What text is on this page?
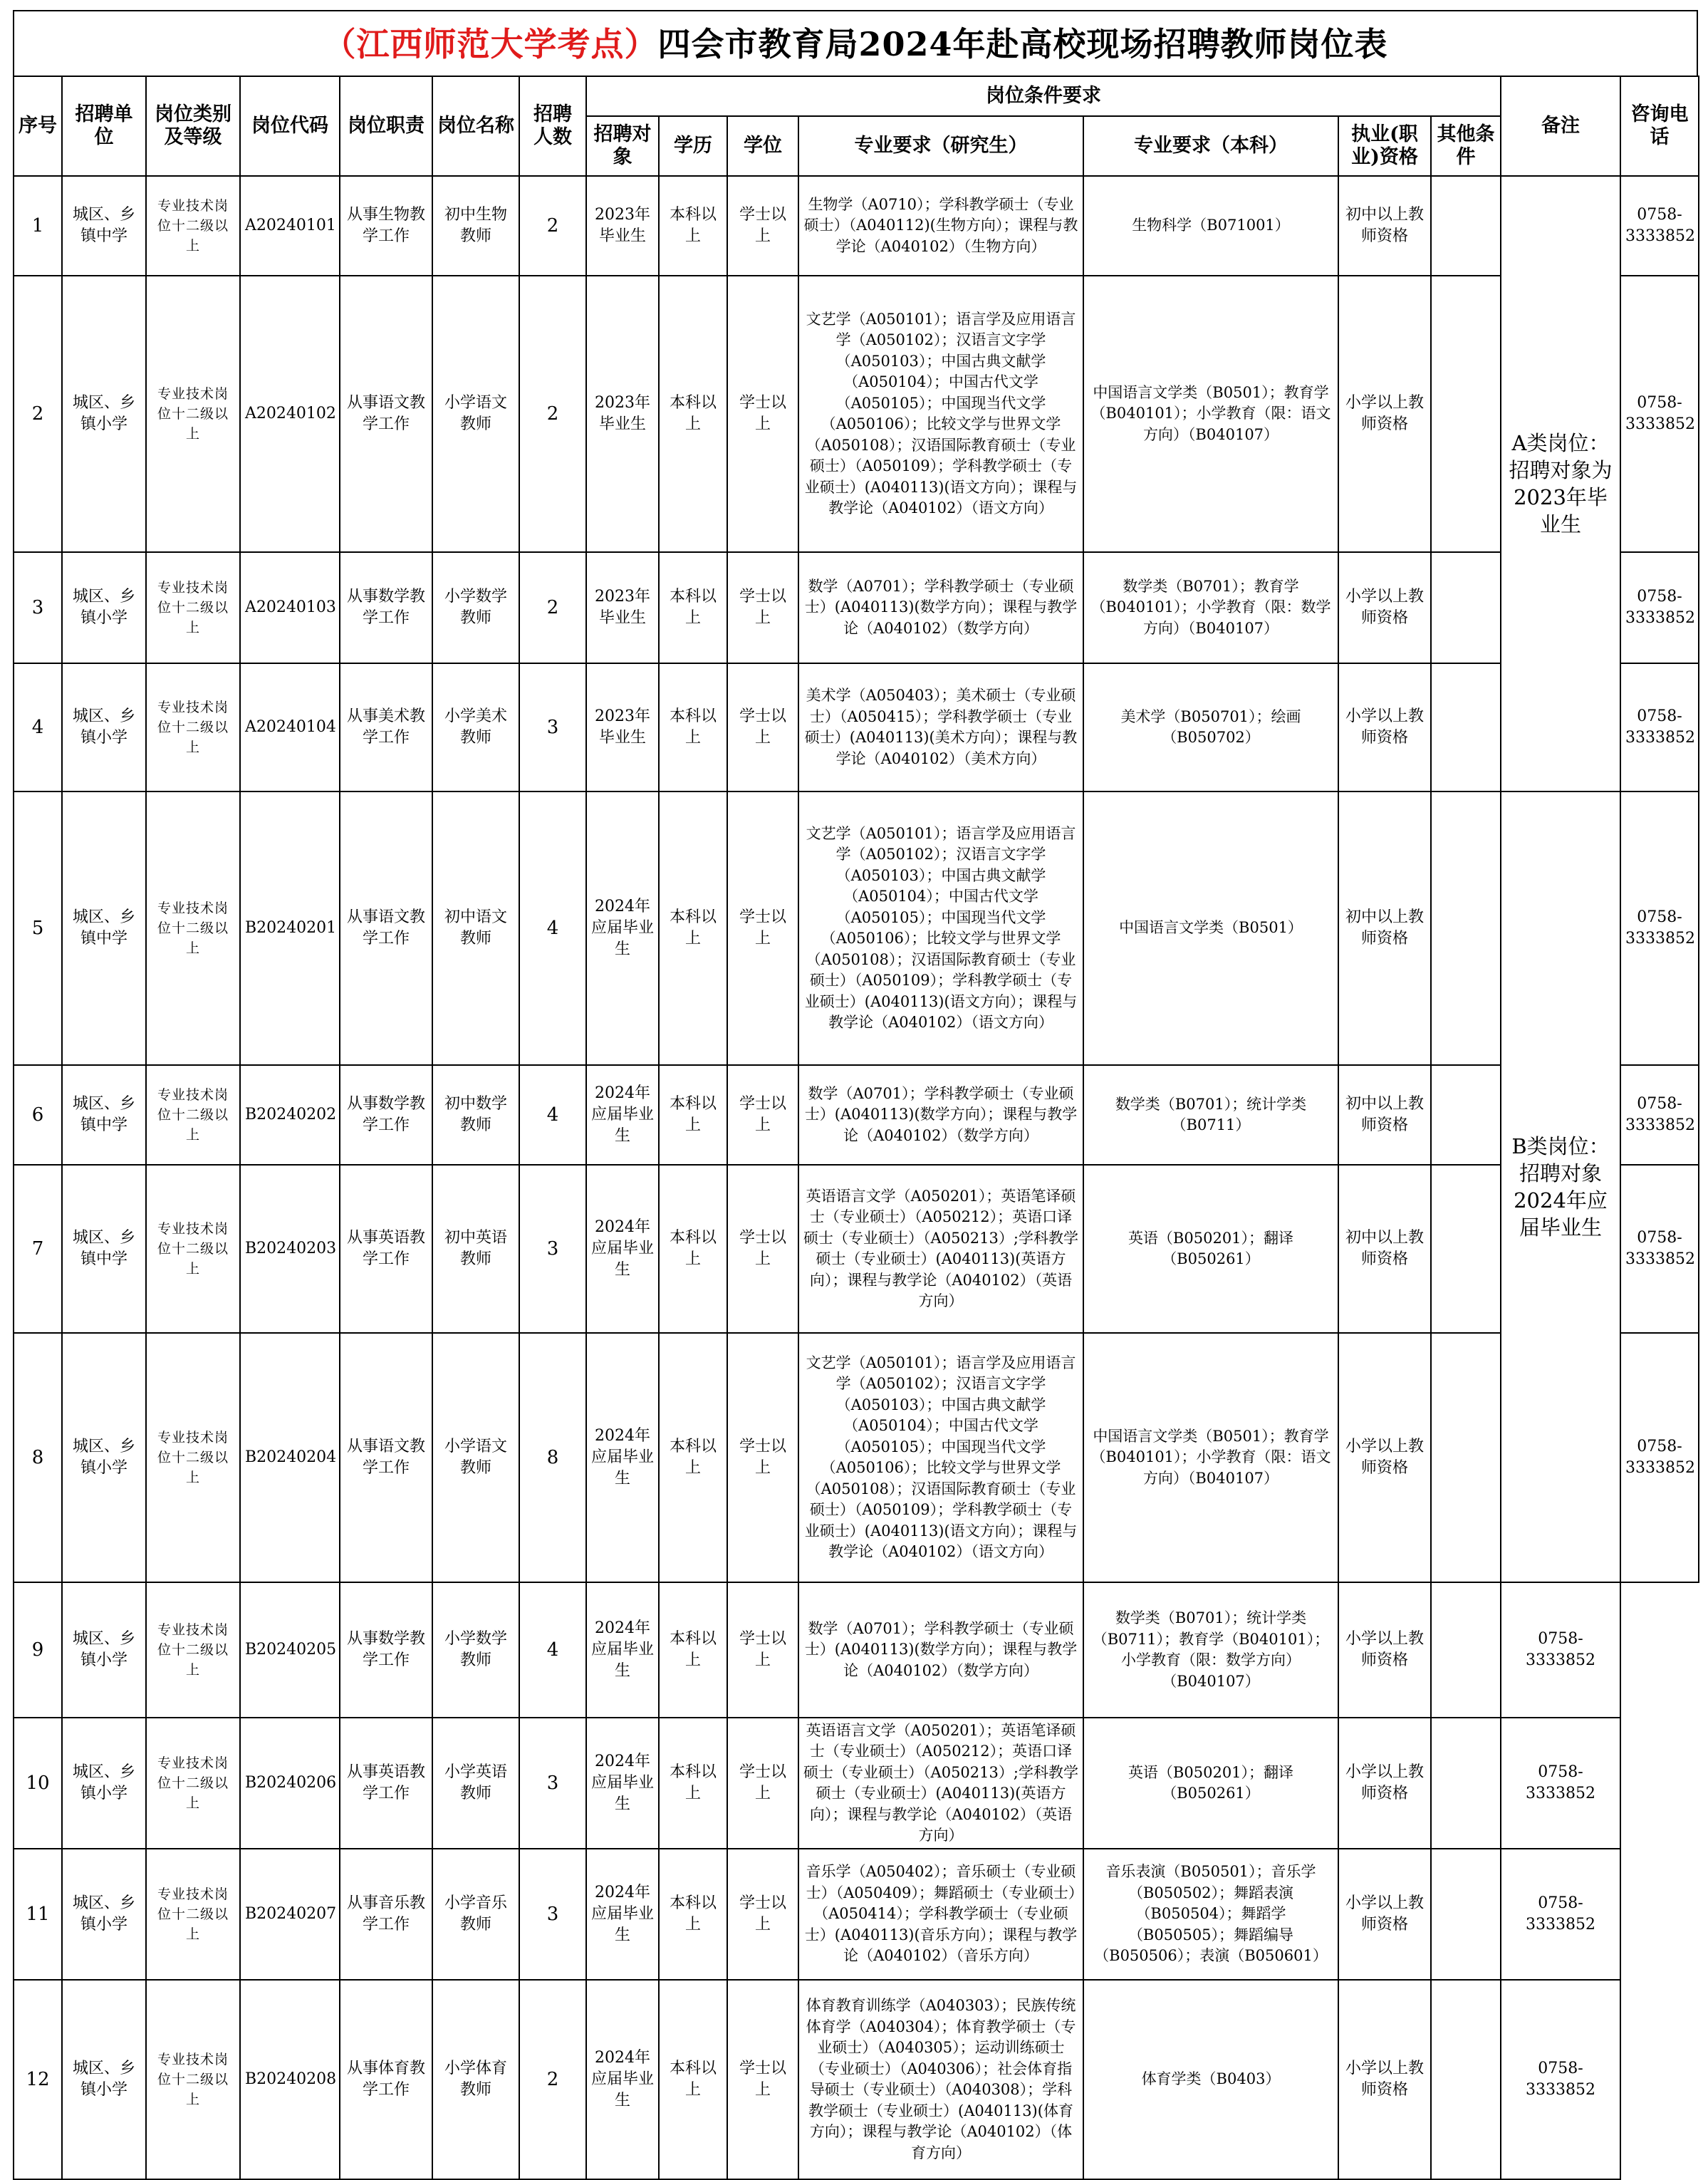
（江西师范大学考点）四会市教育局2024年赴高校现场招聘教师岗位表
序号	招聘单位	岗位类别及等级	岗位代码	岗位职责	岗位名称	招聘人数	岗位条件要求							备注	咨询电话
							招聘对象	学历	学位	专业要求（研究生）	专业要求（本科）	执业(职业)资格	其他条件		
1	城区、乡镇中学	专业技术岗位十二级以上	A20240101	从事生物教学工作	初中生物教师	2	2023年毕业生	本科以上	学士以上	生物学（A0710）；学科教学硕士（专业硕士）（A040112)(生物方向）；课程与教学论（A040102）（生物方向）	生物科学（B071001）	初中以上教师资格		A类岗位：招聘对象为2023年毕业生	0758-3333852
2	城区、乡镇小学	专业技术岗位十二级以上	A20240102	从事语文教学工作	小学语文教师	2	2023年毕业生	本科以上	学士以上	文艺学（A050101）；语言学及应用语言学（A050102）；汉语言文字学（A050103）；中国古典文献学（A050104）；中国古代文学（A050105）；中国现当代文学（A050106）；比较文学与世界文学（A050108）；汉语国际教育硕士（专业硕士）（A050109）；学科教学硕士（专业硕士）(A040113)(语文方向）；课程与教学论（A040102）（语文方向）	中国语言文学类（B0501）；教育学（B040101）；小学教育（限：语文方向）（B040107）	小学以上教师资格			0758-3333852
3	城区、乡镇小学	专业技术岗位十二级以上	A20240103	从事数学教学工作	小学数学教师	2	2023年毕业生	本科以上	学士以上	数学（A0701）；学科教学硕士（专业硕士）(A040113)(数学方向）；课程与教学论（A040102）（数学方向）	数学类（B0701）；教育学（B040101）；小学教育（限：数学方向）（B040107）	小学以上教师资格			0758-3333852
4	城区、乡镇小学	专业技术岗位十二级以上	A20240104	从事美术教学工作	小学美术教师	3	2023年毕业生	本科以上	学士以上	美术学（A050403）；美术硕士（专业硕士）（A050415）；学科教学硕士（专业硕士）(A040113)(美术方向）；课程与教学论（A040102）（美术方向）	美术学（B050701）；绘画（B050702）	小学以上教师资格			0758-3333852
5	城区、乡镇中学	专业技术岗位十二级以上	B20240201	从事语文教学工作	初中语文教师	4	2024年应届毕业生	本科以上	学士以上	文艺学（A050101）；语言学及应用语言学（A050102）；汉语言文字学（A050103）；中国古典文献学（A050104）；中国古代文学（A050105）；中国现当代文学（A050106）；比较文学与世界文学（A050108）；汉语国际教育硕士（专业硕士）（A050109）；学科教学硕士（专业硕士）(A040113)(语文方向）；课程与教学论（A040102）（语文方向）	中国语言文学类（B0501）	初中以上教师资格		B类岗位：招聘对象2024年应届毕业生	0758-3333852
6	城区、乡镇中学	专业技术岗位十二级以上	B20240202	从事数学教学工作	初中数学教师	4	2024年应届毕业生	本科以上	学士以上	数学（A0701）；学科教学硕士（专业硕士）(A040113)(数学方向）；课程与教学论（A040102）（数学方向）	数学类（B0701）；统计学类（B0711）	初中以上教师资格			0758-3333852
7	城区、乡镇中学	专业技术岗位十二级以上	B20240203	从事英语教学工作	初中英语教师	3	2024年应届毕业生	本科以上	学士以上	英语语言文学（A050201）；英语笔译硕士（专业硕士）（A050212）；英语口译硕士（专业硕士）（A050213）;学科教学硕士（专业硕士）(A040113)(英语方向）；课程与教学论（A040102）（英语方向）	英语（B050201）；翻译（B050261）	初中以上教师资格			0758-3333852
8	城区、乡镇小学	专业技术岗位十二级以上	B20240204	从事语文教学工作	小学语文教师	8	2024年应届毕业生	本科以上	学士以上	文艺学（A050101）；语言学及应用语言学（A050102）；汉语言文字学（A050103）；中国古典文献学（A050104）；中国古代文学（A050105）；中国现当代文学（A050106）；比较文学与世界文学（A050108）；汉语国际教育硕士（专业硕士）（A050109）；学科教学硕士（专业硕士）(A040113)(语文方向）；课程与教学论（A040102）（语文方向）	中国语言文学类（B0501）；教育学（B040101）；小学教育（限：语文方向）（B040107）	小学以上教师资格			0758-3333852
9	城区、乡镇小学	专业技术岗位十二级以上	B20240205	从事数学教学工作	小学数学教师	4	2024年应届毕业生	本科以上	学士以上	数学（A0701）；学科教学硕士（专业硕士）(A040113)(数学方向）；课程与教学论（A040102）（数学方向）	数学类（B0701）；统计学类（B0711）；教育学（B040101）；小学教育（限：数学方向）（B040107）	小学以上教师资格		0758-3333852	
10	城区、乡镇小学	专业技术岗位十二级以上	B20240206	从事英语教学工作	小学英语教师	3	2024年应届毕业生	本科以上	学士以上	英语语言文学（A050201）；英语笔译硕士（专业硕士）（A050212）；英语口译硕士（专业硕士）（A050213）;学科教学硕士（专业硕士）(A040113)(英语方向）；课程与教学论（A040102）（英语方向）	英语（B050201）；翻译（B050261）	小学以上教师资格		0758-3333852	
11	城区、乡镇小学	专业技术岗位十二级以上	B20240207	从事音乐教学工作	小学音乐教师	3	2024年应届毕业生	本科以上	学士以上	音乐学（A050402）；音乐硕士（专业硕士）（A050409）；舞蹈硕士（专业硕士）（A050414）；学科教学硕士（专业硕士）(A040113)(音乐方向）；课程与教学论（A040102）（音乐方向）	音乐表演（B050501）；音乐学（B050502）；舞蹈表演（B050504）；舞蹈学（B050505）；舞蹈编导（B050506）；表演（B050601）	小学以上教师资格		0758-3333852	
12	城区、乡镇小学	专业技术岗位十二级以上	B20240208	从事体育教学工作	小学体育教师	2	2024年应届毕业生	本科以上	学士以上	体育教育训练学（A040303）；民族传统体育学（A040304）；体育教学硕士（专业硕士）（A040305）；运动训练硕士（专业硕士）（A040306）；社会体育指导硕士（专业硕士）（A040308）；学科教学硕士（专业硕士）(A040113)(体育方向）；课程与教学论（A040102）（体育方向）	体育学类（B0403）	小学以上教师资格		0758-3333852	
